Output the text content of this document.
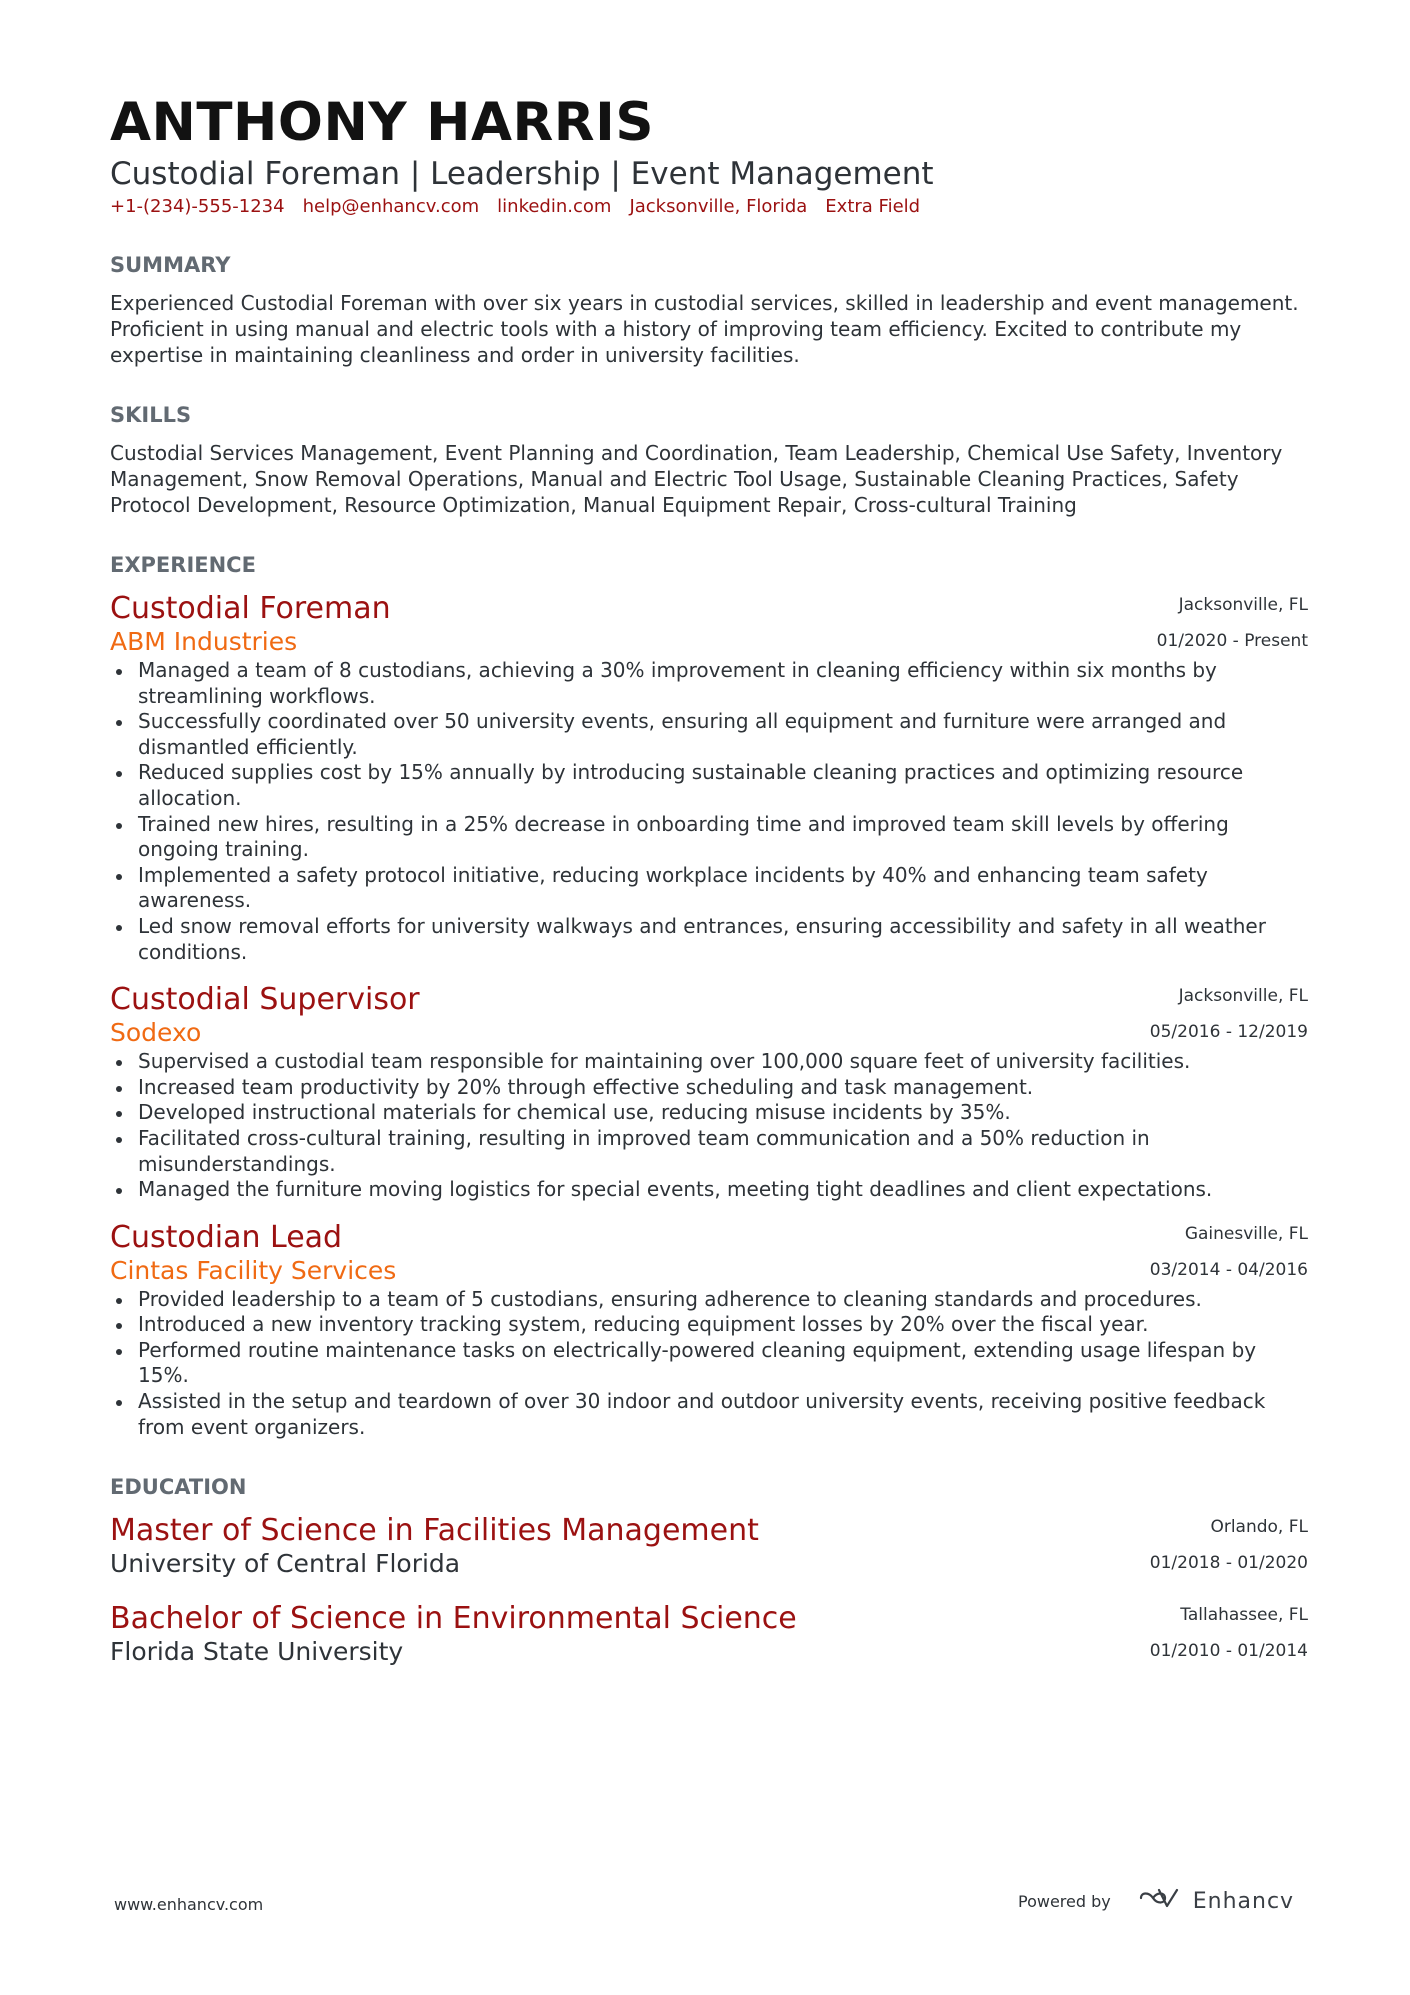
ANTHONY HARRIS
Custodial Foreman | Leadership | Event Management
+1-(234)-555-1234 help@enhancv.com linkedin.com Jacksonville, Florida Extra Field
SUMMARY

Experienced Custodial Foreman with over six years in custodial services, skilled in leadership and event management. Proficient in using manual and electric tools with a history of improving team efficiency. Excited to contribute my expertise in maintaining cleanliness and order in university facilities.

SKILLS

Custodial Services Management, Event Planning and Coordination, Team Leadership, Chemical Use Safety, Inventory Management, Snow Removal Operations, Manual and Electric Tool Usage, Sustainable Cleaning Practices, Safety Protocol Development, Resource Optimization, Manual Equipment Repair, Cross-cultural Training

EXPERIENCE
Custodial Foreman
ABM Industries
Jacksonville, FL
01/2020 - Present
Managed a team of 8 custodians, achieving a 30% improvement in cleaning efficiency within six months by streamlining workflows.
Successfully coordinated over 50 university events, ensuring all equipment and furniture were arranged and dismantled efficiently.
Reduced supplies cost by 15% annually by introducing sustainable cleaning practices and optimizing resource allocation.
Trained new hires, resulting in a 25% decrease in onboarding time and improved team skill levels by offering ongoing training.
Implemented a safety protocol initiative, reducing workplace incidents by 40% and enhancing team safety awareness.
Led snow removal efforts for university walkways and entrances, ensuring accessibility and safety in all weather conditions.
Custodial Supervisor
Sodexo
Jacksonville, FL
05/2016 - 12/2019
Supervised a custodial team responsible for maintaining over 100,000 square feet of university facilities.
Increased team productivity by 20% through effective scheduling and task management.
Developed instructional materials for chemical use, reducing misuse incidents by 35%.
Facilitated cross-cultural training, resulting in improved team communication and a 50% reduction in misunderstandings.
Managed the furniture moving logistics for special events, meeting tight deadlines and client expectations.
Custodian Lead
Cintas Facility Services
Gainesville, FL
03/2014 - 04/2016
Provided leadership to a team of 5 custodians, ensuring adherence to cleaning standards and procedures.
Introduced a new inventory tracking system, reducing equipment losses by 20% over the fiscal year.
Performed routine maintenance tasks on electrically-powered cleaning equipment, extending usage lifespan by 15%.
Assisted in the setup and teardown of over 30 indoor and outdoor university events, receiving positive feedback from event organizers.
EDUCATION
Master of Science in Facilities Management
University of Central Florida
Orlando, FL
01/2018 - 01/2020
Bachelor of Science in Environmental Science
Florida State University
Tallahassee, FL
01/2010 - 01/2014
www.enhancv.com	Powered by	Enhancv
